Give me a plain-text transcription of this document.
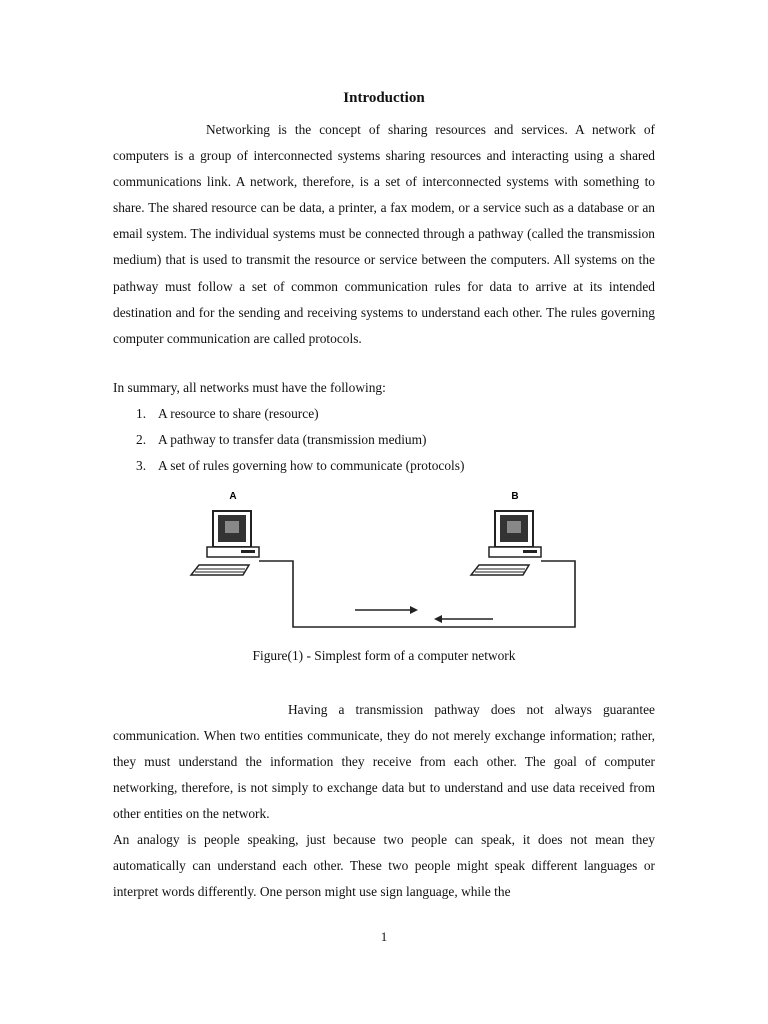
Introduction

Networking is the concept of sharing resources and services. A network of computers is a group of interconnected systems sharing resources and interacting using a shared communications link. A network, therefore, is a set of interconnected systems with something to share. The shared resource can be data, a printer, a fax modem, or a service such as a database or an email system. The individual systems must be connected through a pathway (called the transmission medium) that is used to transmit the resource or service between the computers. All systems on the pathway must follow a set of common communication rules for data to arrive at its intended destination and for the sending and receiving systems to understand each other. The rules governing computer communication are called protocols.

In summary, all networks must have the following:

1. A resource to share (resource)
2. A pathway to transfer data (transmission medium)
3. A set of rules governing how to communicate (protocols)
A	B
Figure(1) - Simplest form of a computer network

Having a transmission pathway does not always guarantee communication. When two entities communicate, they do not merely exchange information; rather, they must understand the information they receive from each other. The goal of computer networking, therefore, is not simply to exchange data but to understand and use data received from other entities on the network.

An analogy is people speaking, just because two people can speak, it does not mean they automatically can understand each other. These two people might speak different languages or interpret words differently. One person might use sign language, while the

1
